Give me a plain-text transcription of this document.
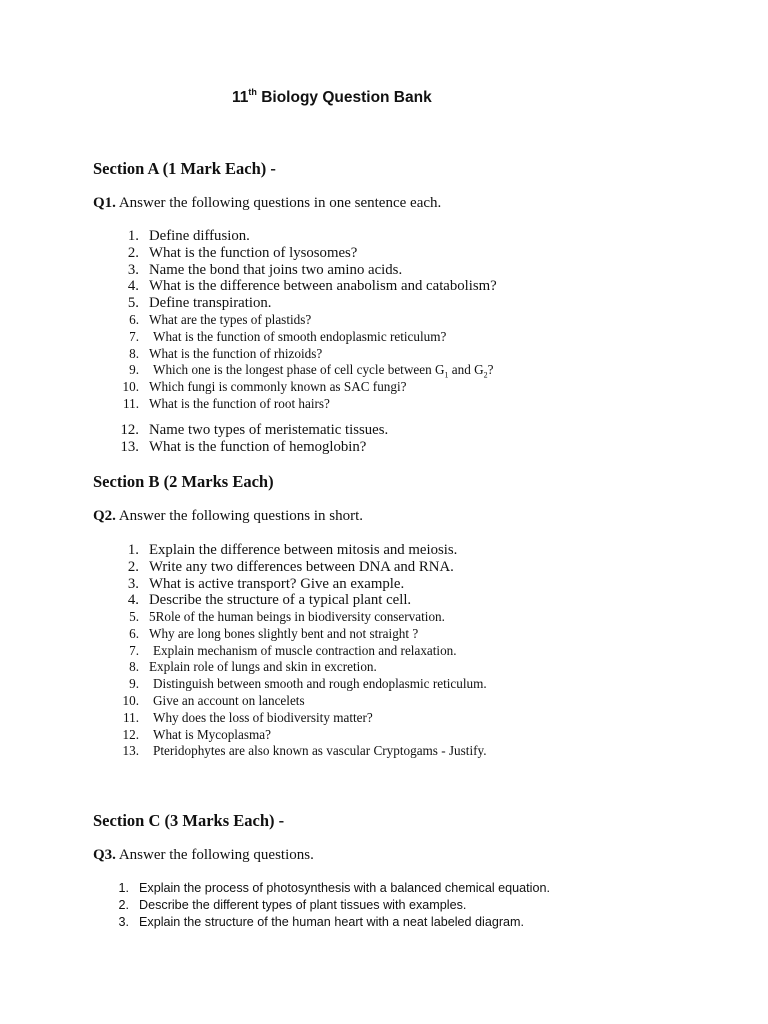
11th Biology Question Bank
Section A (1 Mark Each) -
Q1. Answer the following questions in one sentence each.
1. Define diffusion.
2. What is the function of lysosomes?
3. Name the bond that joins two amino acids.
4. What is the difference between anabolism and catabolism?
5. Define transpiration.
6. What are the types of plastids?
7. What is the function of smooth endoplasmic reticulum?
8. What is the function of rhizoids?
9. Which one is the longest phase of cell cycle between $G_1$ and $G_2$?
10. Which fungi is commonly known as SAC fungi?
11. What is the function of root hairs?
12. Name two types of meristematic tissues.
13. What is the function of hemoglobin?
Section B (2 Marks Each)
Q2. Answer the following questions in short.
1. Explain the difference between mitosis and meiosis.
2. Write any two differences between DNA and RNA.
3. What is active transport? Give an example.
4. Describe the structure of a typical plant cell.
5. 5Role of the human beings in biodiversity conservation.
6. Why are long bones slightly bent and not straight ?
7. Explain mechanism of muscle contraction and relaxation.
8. Explain role of lungs and skin in excretion.
9. Distinguish between smooth and rough endoplasmic reticulum.
10. Give an account on lancelets
11. Why does the loss of biodiversity matter?
12. What is Mycoplasma?
13. Pteridophytes are also known as vascular Cryptogams - Justify.
Section C (3 Marks Each) -
Q3. Answer the following questions.
1. Explain the process of photosynthesis with a balanced chemical equation.
2. Describe the different types of plant tissues with examples.
3. Explain the structure of the human heart with a neat labeled diagram.
